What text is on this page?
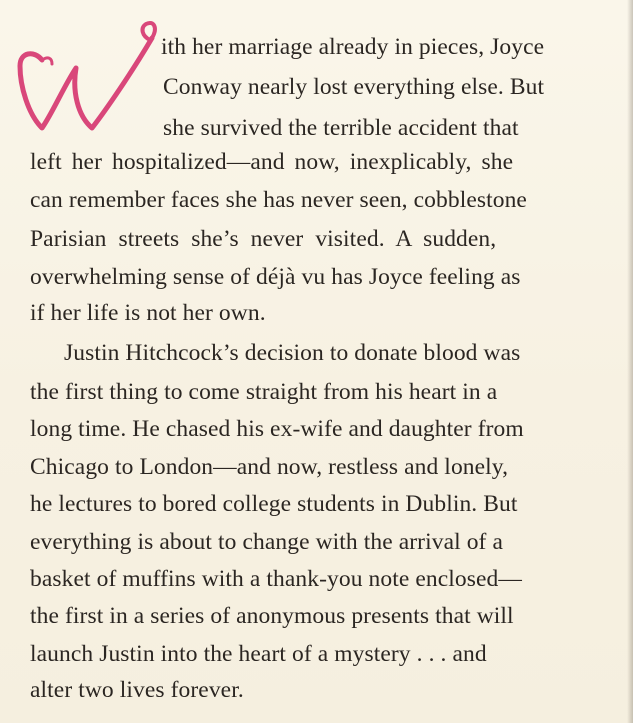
ith her marriage already in pieces, Joyce
Conway nearly lost everything else. But
she survived the terrible accident that
left her hospitalized—and now, inexplicably, she
can remember faces she has never seen, cobblestone
Parisian streets she’s never visited. A sudden,
overwhelming sense of déjà vu has Joyce feeling as
if her life is not her own.
Justin Hitchcock’s decision to donate blood was
the first thing to come straight from his heart in a
long time. He chased his ex-wife and daughter from
Chicago to London—and now, restless and lonely,
he lectures to bored college students in Dublin. But
everything is about to change with the arrival of a
basket of muffins with a thank-you note enclosed—
the first in a series of anonymous presents that will
launch Justin into the heart of a mystery . . . and
alter two lives forever.
